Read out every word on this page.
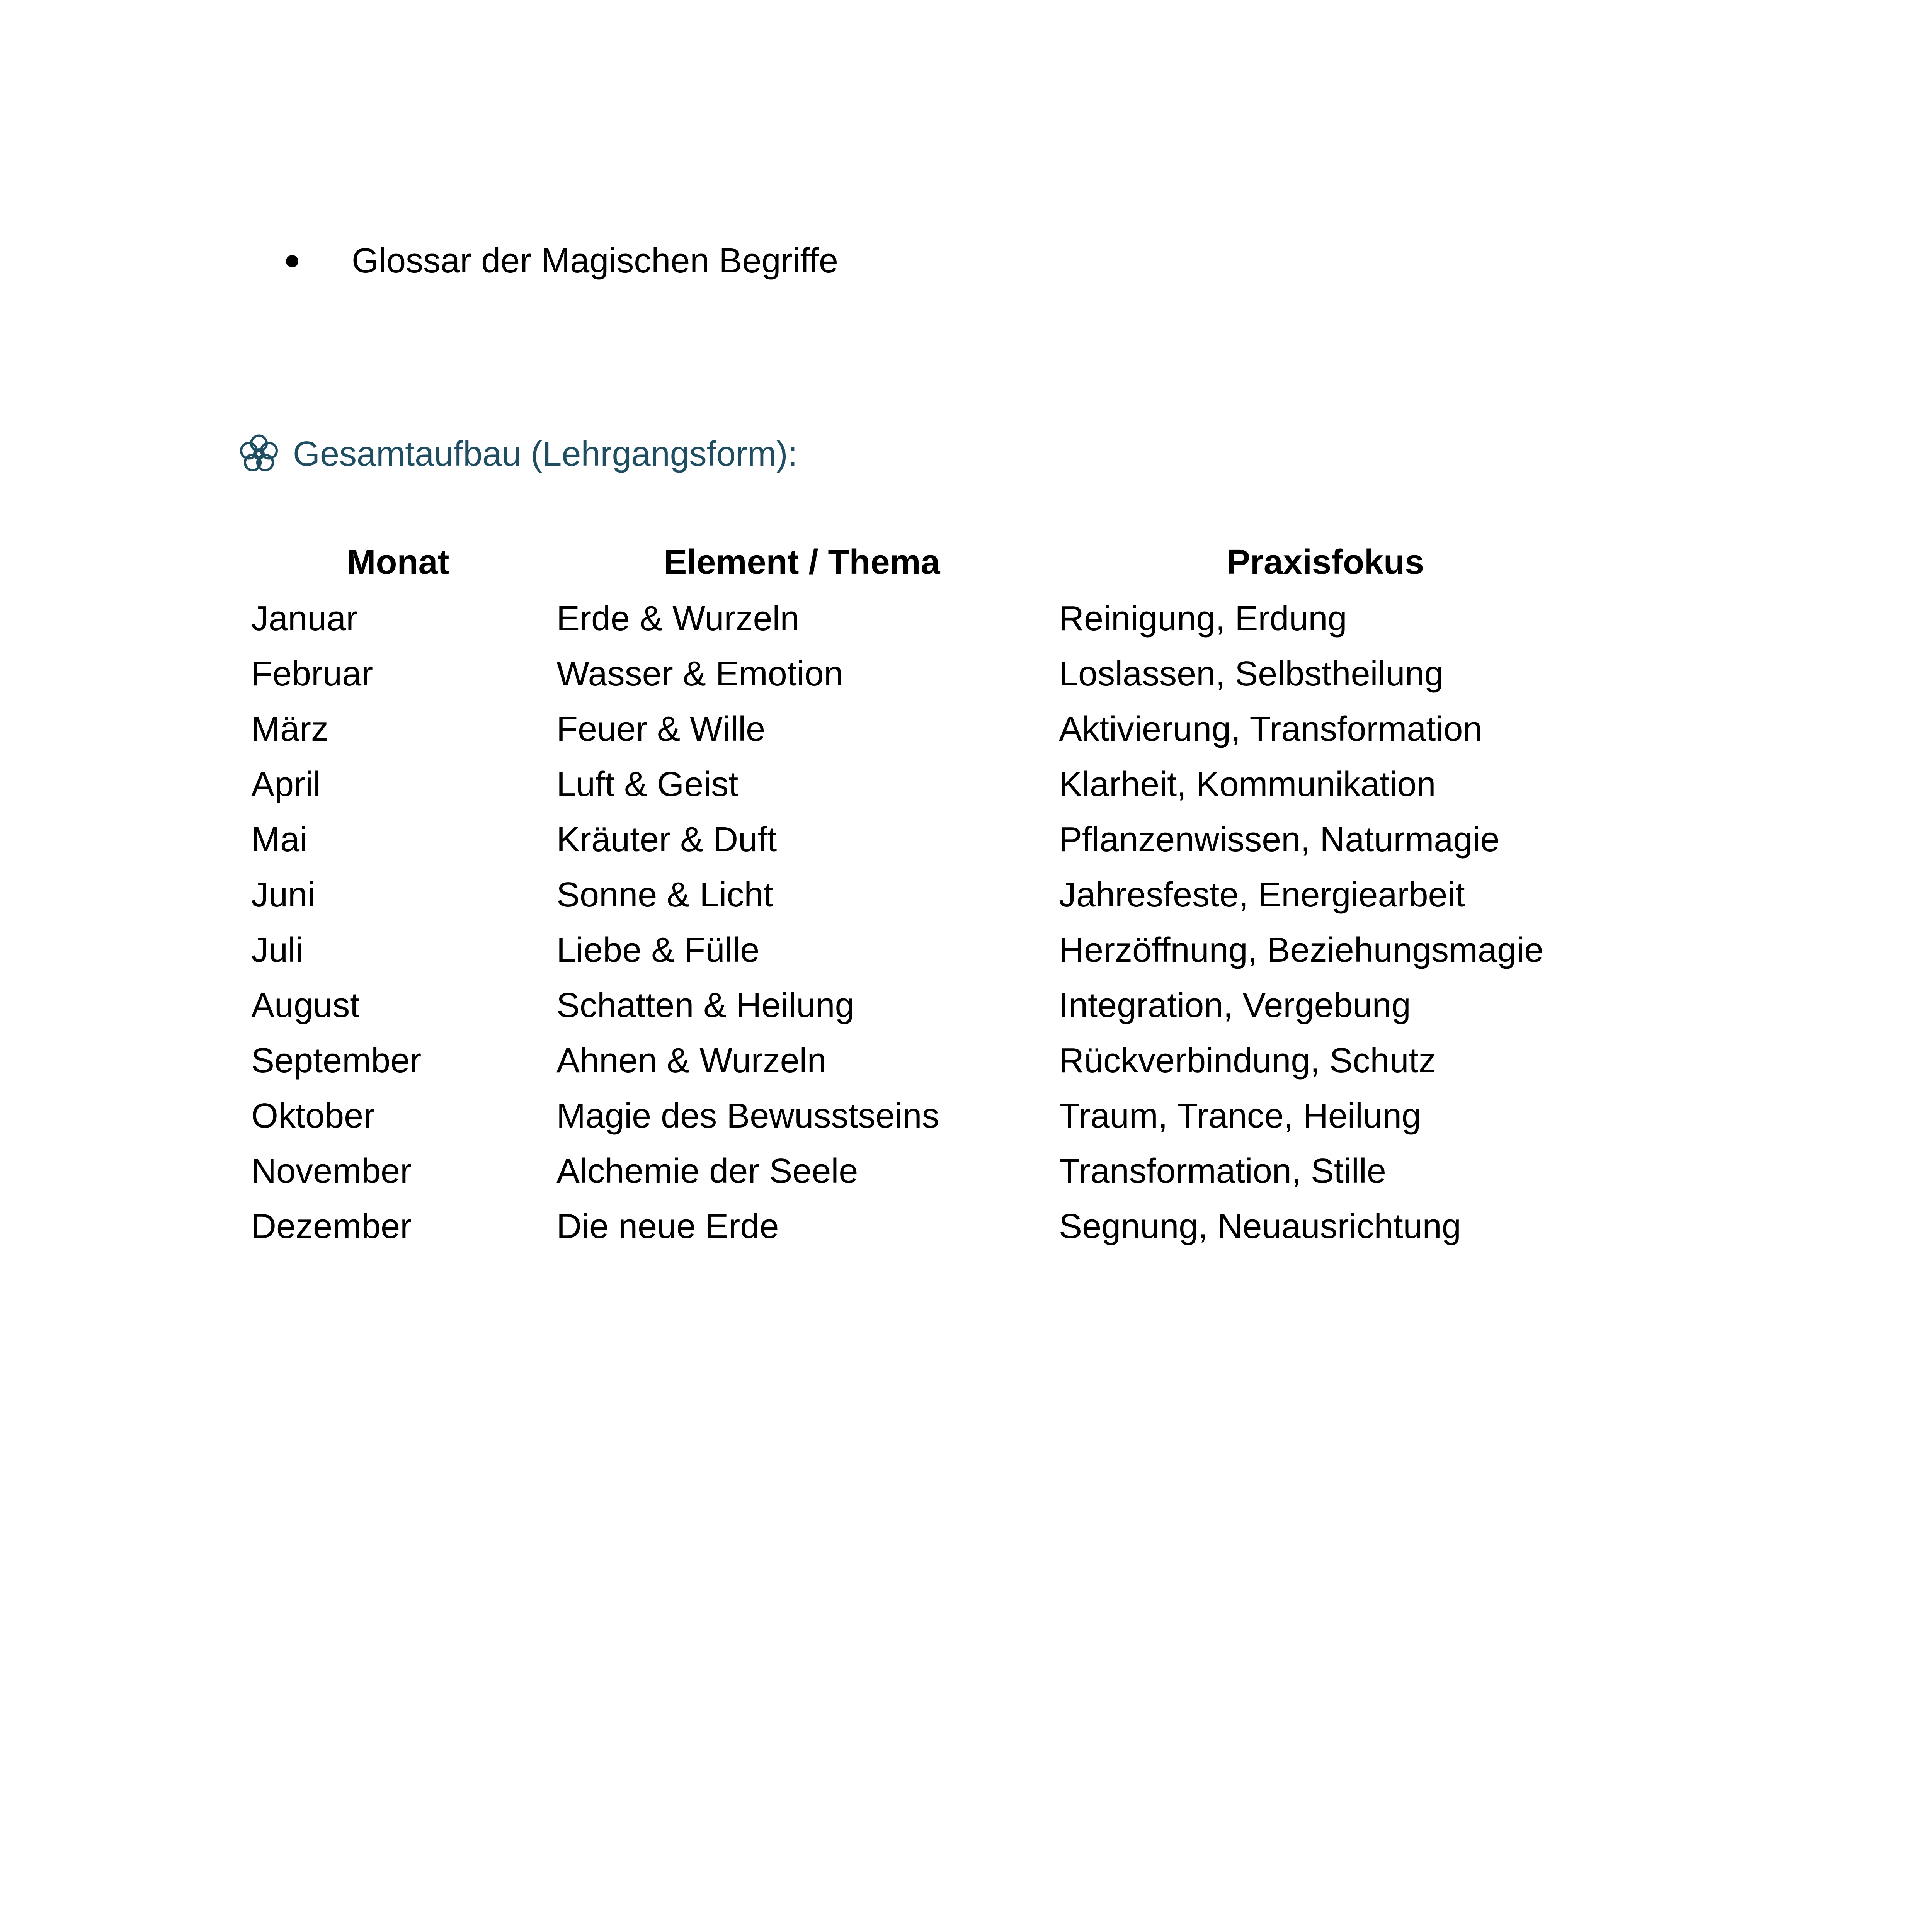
Glossar der Magischen Begriffe
Gesamtaufbau (Lehrgangsform):
Monat	Element / Thema	Praxisfokus
Januar	Erde & Wurzeln	Reinigung, Erdung
Februar	Wasser & Emotion	Loslassen, Selbstheilung
März	Feuer & Wille	Aktivierung, Transformation
April	Luft & Geist	Klarheit, Kommunikation
Mai	Kräuter & Duft	Pflanzenwissen, Naturmagie
Juni	Sonne & Licht	Jahresfeste, Energiearbeit
Juli	Liebe & Fülle	Herzöffnung, Beziehungsmagie
August	Schatten & Heilung	Integration, Vergebung
September	Ahnen & Wurzeln	Rückverbindung, Schutz
Oktober	Magie des Bewusstseins	Traum, Trance, Heilung
November	Alchemie der Seele	Transformation, Stille
Dezember	Die neue Erde	Segnung, Neuausrichtung
